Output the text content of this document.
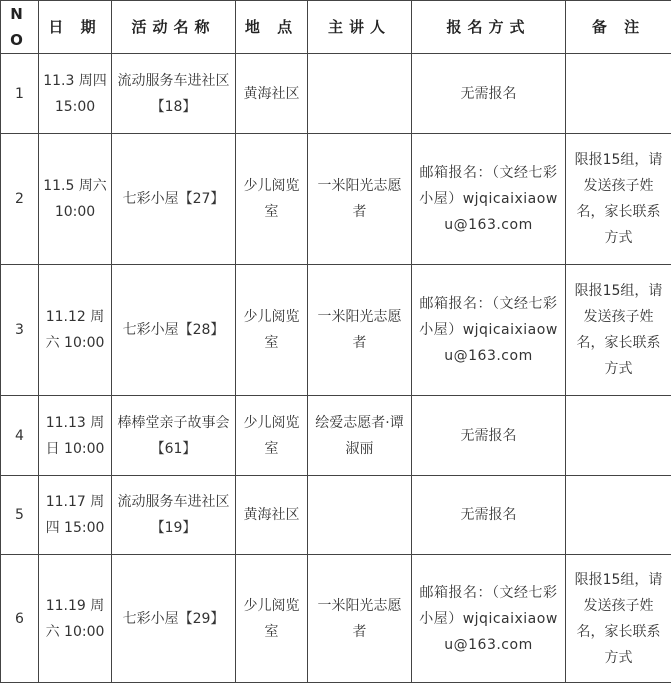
N O	日 期	活动名称	地 点	主讲人	报名方式	备 注
1	11.3 周四 15:00	流动服务车进社区【18】	黄海社区		无需报名	
2	11.5 周六 10:00	七彩小屋【27】	少儿阅览室	一米阳光志愿者	邮箱报名：（文经七彩小屋）wjqicaixiaowu@163.com	限报15组，请发送孩子姓名，家长联系方式
3	11.12 周六 10:00	七彩小屋【28】	少儿阅览室	一米阳光志愿者	邮箱报名：（文经七彩小屋）wjqicaixiaowu@163.com	限报15组，请发送孩子姓名，家长联系方式
4	11.13 周日 10:00	棒棒堂亲子故事会【61】	少儿阅览室	绘爱志愿者·谭淑丽	无需报名	
5	11.17 周四 15:00	流动服务车进社区【19】	黄海社区		无需报名	
6	11.19 周六 10:00	七彩小屋【29】	少儿阅览室	一米阳光志愿者	邮箱报名：（文经七彩小屋）wjqicaixiaowu@163.com	限报15组，请发送孩子姓名，家长联系方式
